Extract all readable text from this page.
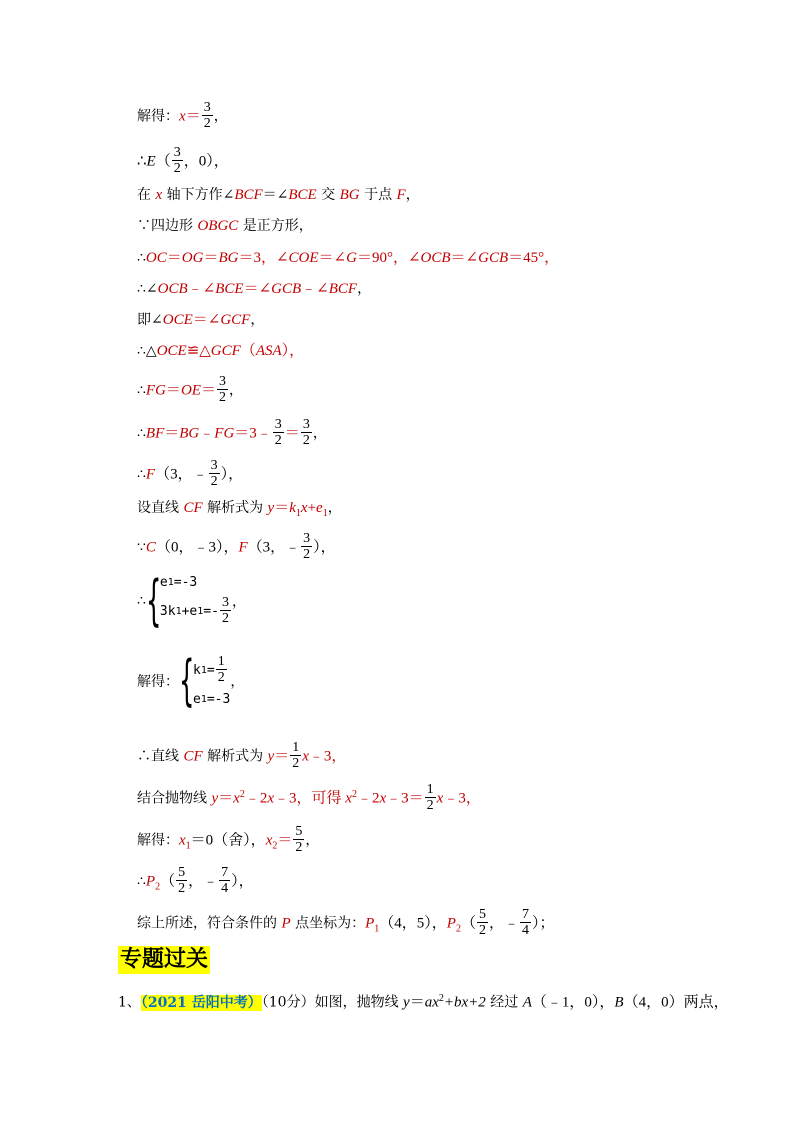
解得：$x= \frac{3}{2}$ ，
∴E（ $\frac{3}{2}$ ，0），
在 x 轴下方作∠BCF＝∠BCE 交 BG 于点 F，
∵四边形 OBGC 是正方形，
∴OC＝OG＝BG＝3，∠COE＝∠G＝90°，∠OCB＝∠GCB＝45°，
∴∠OCB﹣∠BCE＝∠GCB﹣∠BCF，
即∠OCE＝∠GCF，
∴△OCE≌△GCF（ASA），
∴FG＝OE＝ $\frac{3}{2}$ ，
∴BF＝BG﹣FG＝3﹣ $\frac{3}{2} = \frac{3}{2}$ ，
∴F（3，﹣ $\frac{3}{2}$ ），
设直线 CF 解析式为 $y=k_1x+e_1$，
∵C（0，﹣3），F（3，﹣ $\frac{3}{2}$ ），
∴ {
e 1 =-3
3k 1 +e $1 =- \frac{3}{2}$ ，
解得： {
k $1 = \frac{1}{2}$
e 1 =-3
，
∴直线 CF 解析式为 $y= \frac{1}{2}$ x﹣3，
结合抛物线 $y=x^2﹣2x﹣3$，可得 $x^2﹣2x﹣3= \frac{1}{2}$ x﹣3，
解得：$x_1=0$（舍），$x_2= \frac{5}{2}$ ，
$\therefore P_2( \frac{5}{2}$ ，﹣ $\frac{7}{4}$ ），
综上所述，符合条件的 P 点坐标为：$P_1(4$，5），$P_2( \frac{5}{2}$ ，﹣ $\frac{7}{4}$ ）；
专题过关
1、（2021 岳阳中考）（10分）如图，抛物线 $y=ax^2+bx+2$ 经过 A（﹣1，0），B（4，0）两点，
